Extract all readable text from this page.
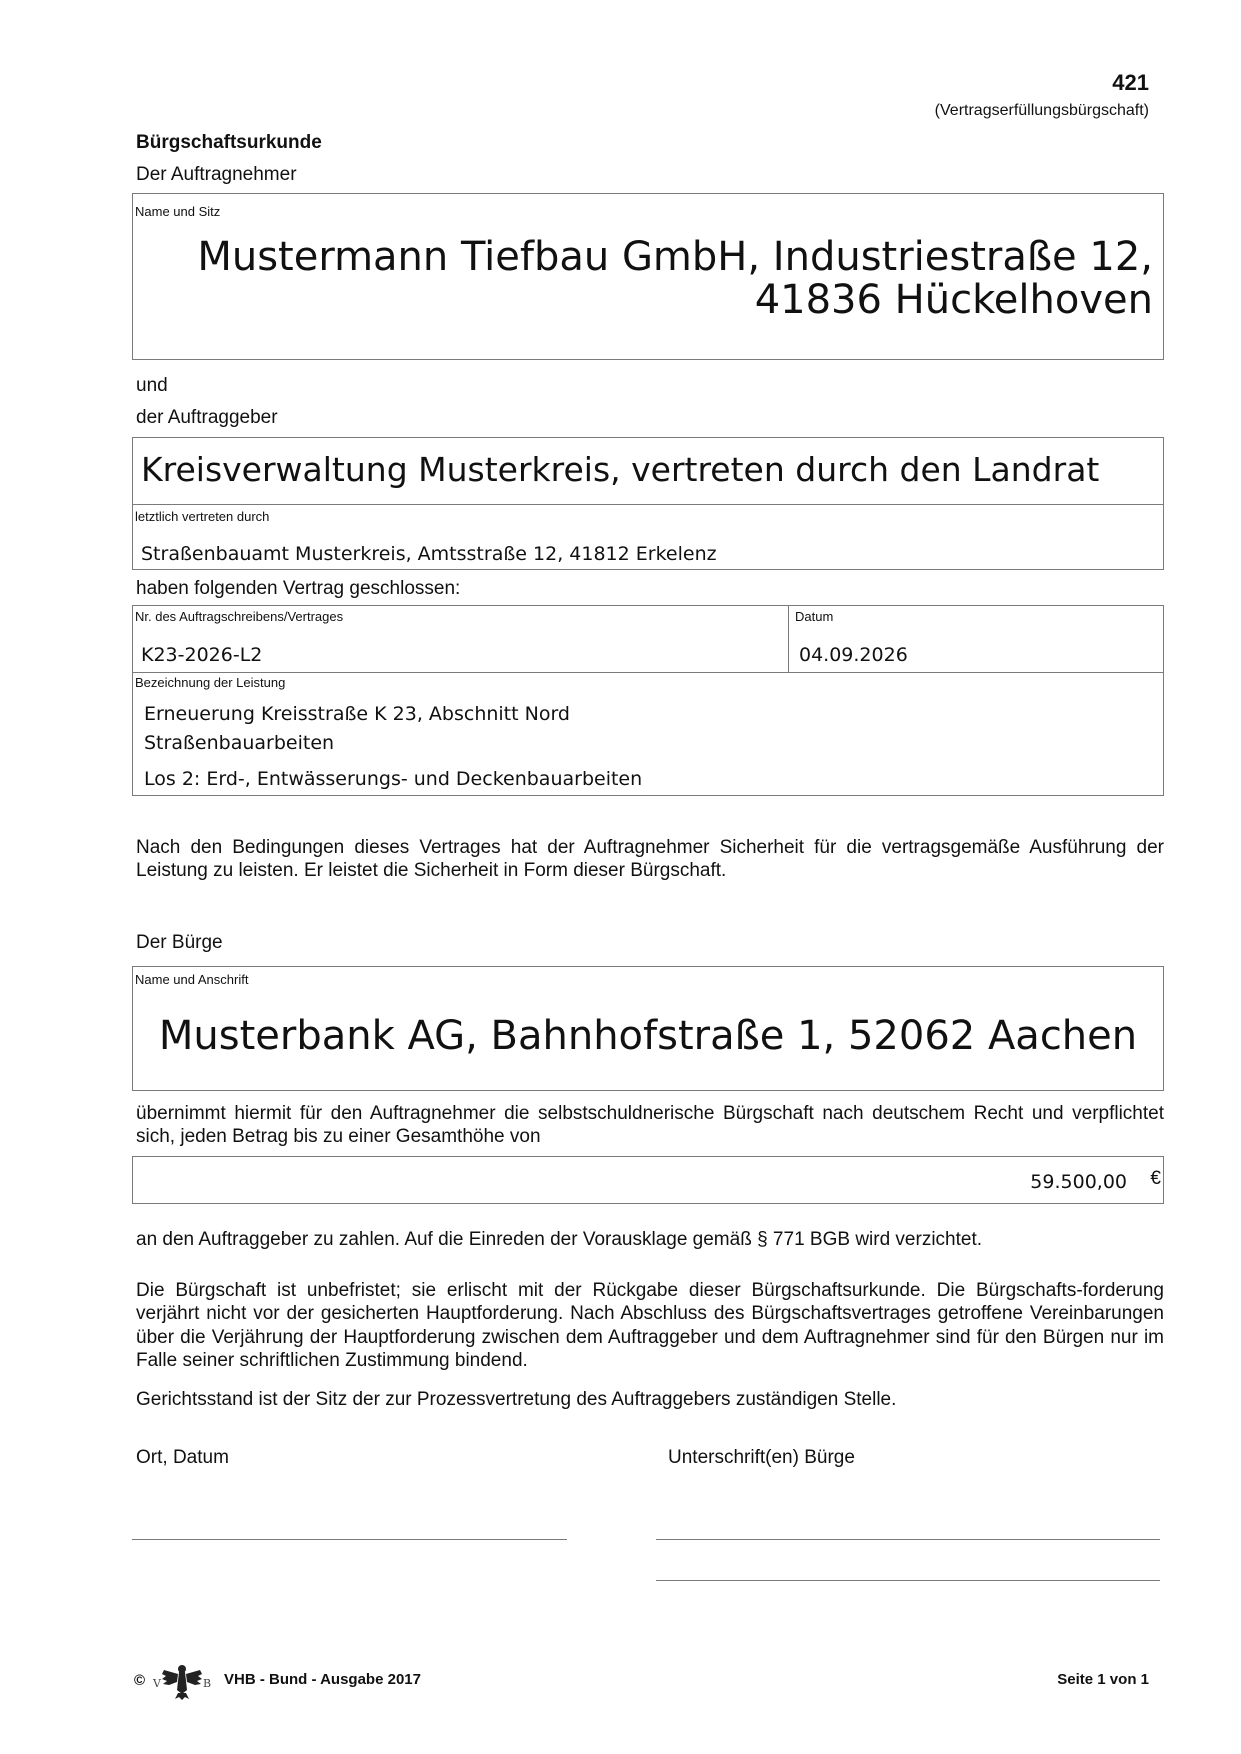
421
(Vertragserfüllungsbürgschaft)
Bürgschaftsurkunde
Der Auftragnehmer
Name und Sitz
Mustermann Tiefbau GmbH, Industriestraße 12,
41836 Hückelhoven
und
der Auftraggeber
Kreisverwaltung Musterkreis, vertreten durch den Landrat
letztlich vertreten durch
Straßenbauamt Musterkreis, Amtsstraße 12, 41812 Erkelenz
haben folgenden Vertrag geschlossen:
Nr. des Auftragschreibens/Vertrages
K23-2026-L2
Datum
04.09.2026
Bezeichnung der Leistung
Erneuerung Kreisstraße K 23, Abschnitt Nord
Straßenbauarbeiten
Los 2: Erd-, Entwässerungs- und Deckenbauarbeiten
Nach den Bedingungen dieses Vertrages hat der Auftragnehmer Sicherheit für die vertragsgemäße Ausführung der Leistung zu leisten. Er leistet die Sicherheit in Form dieser Bürgschaft.
Der Bürge
Name und Anschrift
Musterbank AG, Bahnhofstraße 1, 52062 Aachen
übernimmt hiermit für den Auftragnehmer die selbstschuldnerische Bürgschaft nach deutschem Recht und verpflichtet sich, jeden Betrag bis zu einer Gesamthöhe von
59.500,00 €
an den Auftraggeber zu zahlen. Auf die Einreden der Vorausklage gemäß § 771 BGB wird verzichtet.
Die Bürgschaft ist unbefristet; sie erlischt mit der Rückgabe dieser Bürgschaftsurkunde. Die Bürgschafts-forderung verjährt nicht vor der gesicherten Hauptforderung. Nach Abschluss des Bürgschaftsvertrages getroffene Vereinbarungen über die Verjährung der Hauptforderung zwischen dem Auftraggeber und dem Auftragnehmer sind für den Bürgen nur im Falle seiner schriftlichen Zustimmung bindend.
Gerichtsstand ist der Sitz der zur Prozessvertretung des Auftraggebers zuständigen Stelle.
Ort, Datum	Unterschrift(en) Bürge
© V	B VHB - Bund - Ausgabe 2017	Seite 1 von 1
